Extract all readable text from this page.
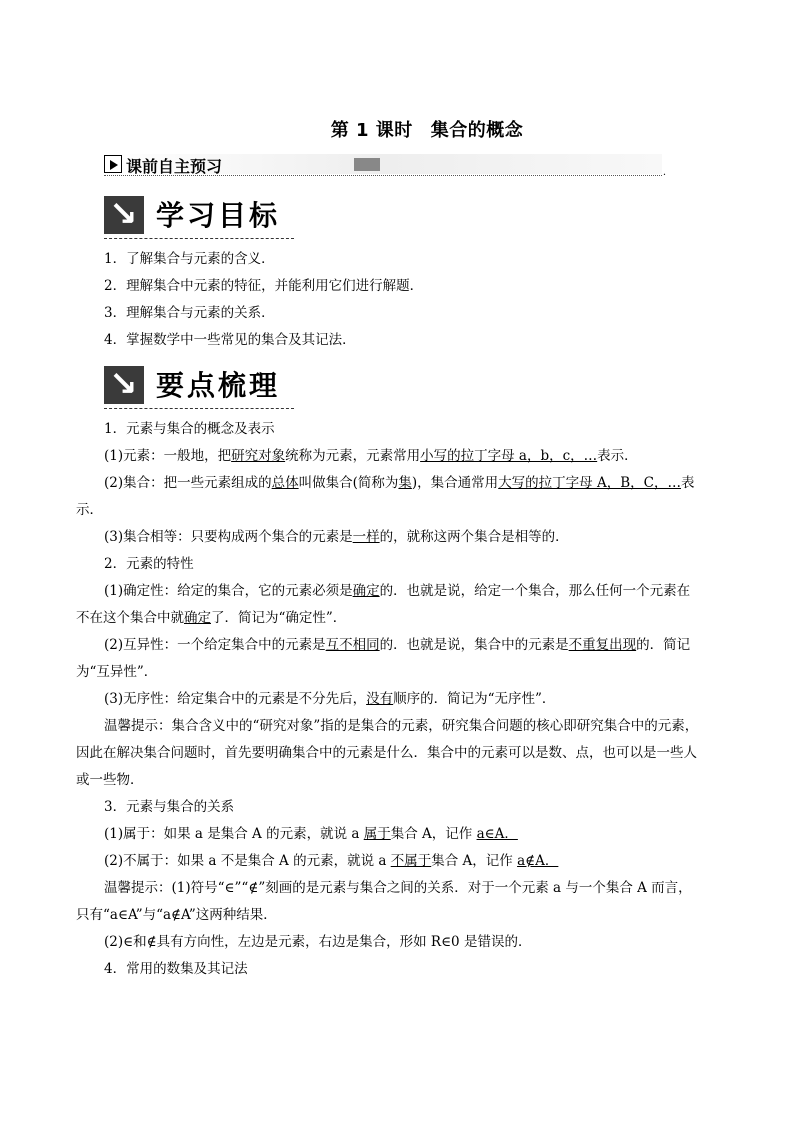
第 1 课时 集合的概念
课前自主预习	.
↘ 学习目标
1．了解集合与元素的含义．
2．理解集合中元素的特征，并能利用它们进行解题．
3．理解集合与元素的关系．
4．掌握数学中一些常见的集合及其记法．
↘ 要点梳理
1．元素与集合的概念及表示
(1)元素：一般地，把研究对象统称为元素，元素常用小写的拉丁字母 a，b，c，…表示．
(2)集合：把一些元素组成的总体叫做集合(简称为集)，集合通常用大写的拉丁字母 A，B，C，…表
示．
(3)集合相等：只要构成两个集合的元素是一样的，就称这两个集合是相等的．
2．元素的特性
(1)确定性：给定的集合，它的元素必须是确定的．也就是说，给定一个集合，那么任何一个元素在
不在这个集合中就确定了．简记为“确定性”．
(2)互异性：一个给定集合中的元素是互不相同的．也就是说，集合中的元素是不重复出现的．简记
为“互异性”．
(3)无序性：给定集合中的元素是不分先后，没有顺序的．简记为“无序性”．
温馨提示：集合含义中的“研究对象”指的是集合的元素，研究集合问题的核心即研究集合中的元素，
因此在解决集合问题时，首先要明确集合中的元素是什么．集合中的元素可以是数、点，也可以是一些人
或一些物．
3．元素与集合的关系
(1)属于：如果 a 是集合 A 的元素，就说 a 属于集合 A，记作 a∈A．
(2)不属于：如果 a 不是集合 A 的元素，就说 a 不属于集合 A，记作 a∉A．
温馨提示：(1)符号“∈”“∉”刻画的是元素与集合之间的关系．对于一个元素 a 与一个集合 A 而言，
只有“a∈A”与“a∉A”这两种结果．
(2)∈和∉具有方向性，左边是元素，右边是集合，形如 R∈0 是错误的．
4．常用的数集及其记法
